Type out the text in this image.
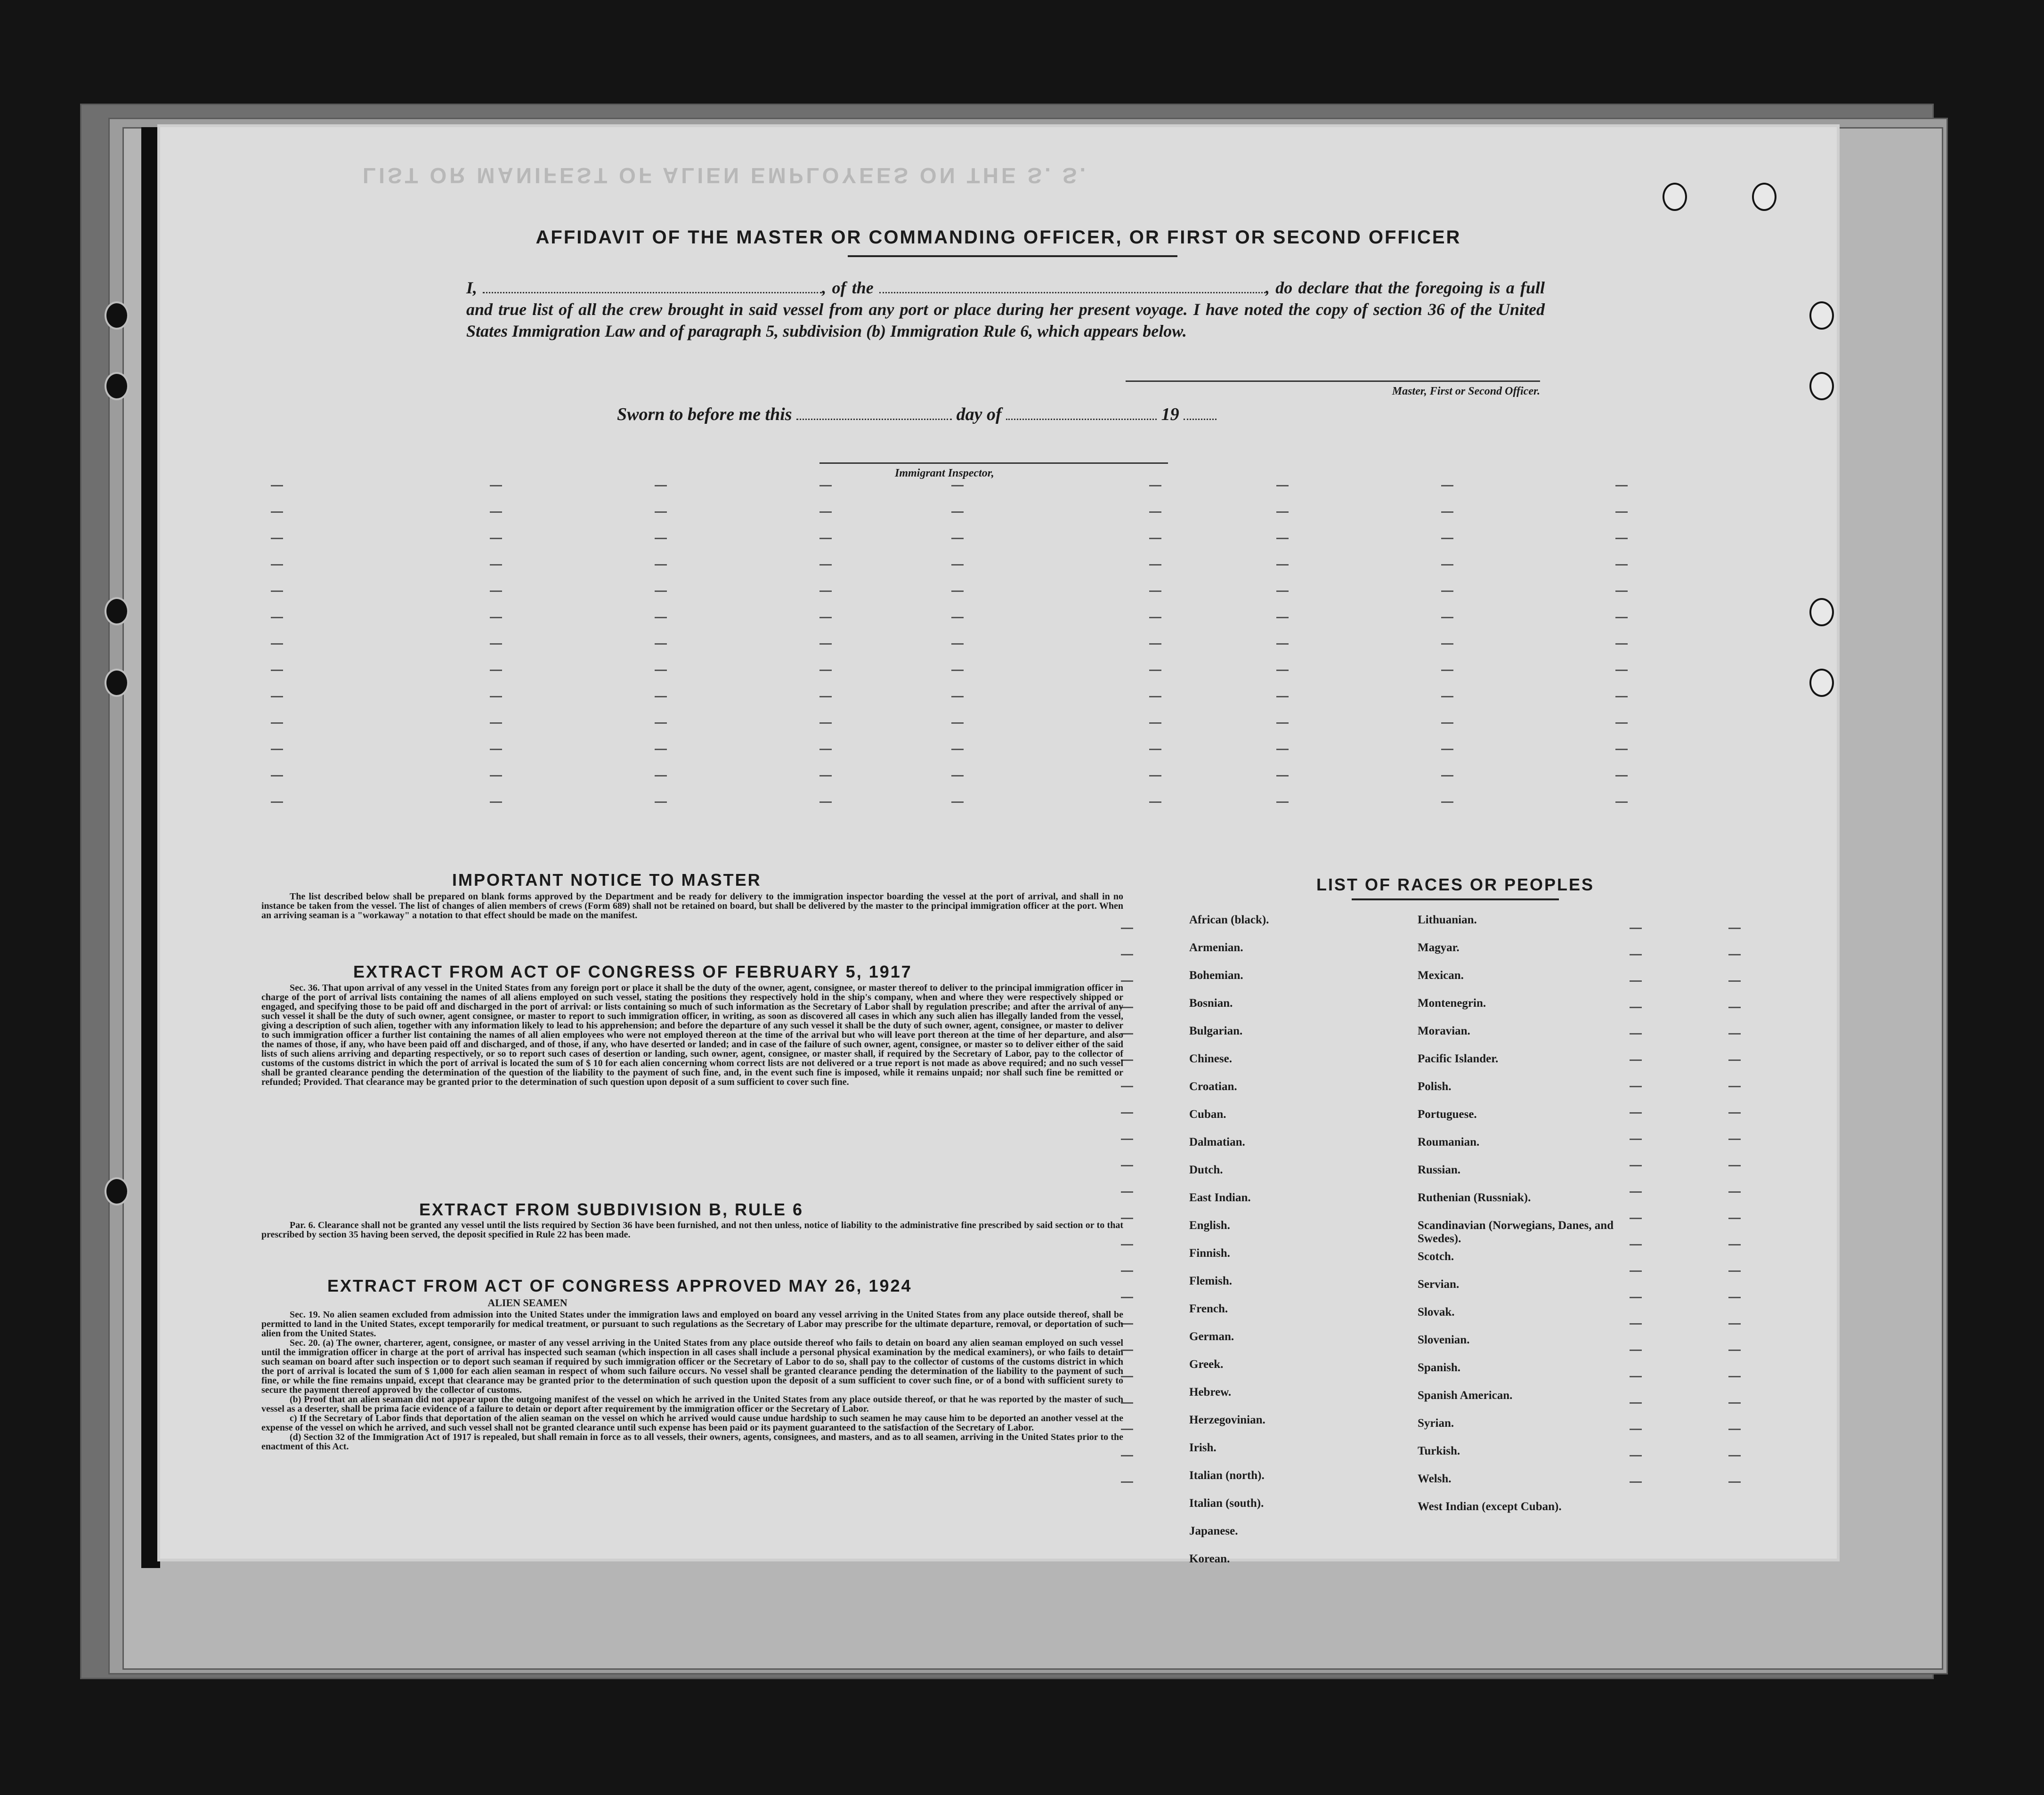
LIST OR MANIFEST OF ALIEN EMPLOYEES ON THE S. S.
AFFIDAVIT OF THE MASTER OR COMMANDING OFFICER, OR FIRST OR SECOND OFFICER
I,	, of the	, do declare that the foregoing is a full and true list of all the crew brought in said vessel from any port or place during her present voyage. I have noted the copy of section 36 of the United States Immigration Law and of paragraph 5, subdivision (b) Immigration Rule 6, which appears below.
Master, First or Second Officer.
Sworn to before me this	day of	19
Immigrant Inspector,
IMPORTANT NOTICE TO MASTER
The list described below shall be prepared on blank forms approved by the Department and be ready for delivery to the immigration inspector boarding the vessel at the port of arrival, and shall in no instance be taken from the vessel. The list of changes of alien members of crews (Form 689) shall not be retained on board, but shall be delivered by the master to the principal immigration officer at the port. When an arriving seaman is a "workaway" a notation to that effect should be made on the manifest.
EXTRACT FROM ACT OF CONGRESS OF FEBRUARY 5, 1917
Sec. 36. That upon arrival of any vessel in the United States from any foreign port or place it shall be the duty of the owner, agent, consignee, or master thereof to deliver to the principal immigration officer in charge of the port of arrival lists containing the names of all aliens employed on such vessel, stating the positions they respectively hold in the ship's company, when and where they were respectively shipped or engaged, and specifying those to be paid off and discharged in the port of arrival: or lists containing so much of such information as the Secretary of Labor shall by regulation prescribe; and after the arrival of any such vessel it shall be the duty of such owner, agent consignee, or master to report to such immigration officer, in writing, as soon as discovered all cases in which any such alien has illegally landed from the vessel, giving a description of such alien, together with any information likely to lead to his apprehension; and before the departure of any such vessel it shall be the duty of such owner, agent, consignee, or master to deliver to such immigration officer a further list containing the names of all alien employees who were not employed thereon at the time of the arrival but who will leave port thereon at the time of her departure, and also the names of those, if any, who have been paid off and discharged, and of those, if any, who have deserted or landed; and in case of the failure of such owner, agent, consignee, or master so to deliver either of the said lists of such aliens arriving and departing respectively, or so to report such cases of desertion or landing, such owner, agent, consignee, or master shall, if required by the Secretary of Labor, pay to the collector of customs of the customs district in which the port of arrival is located the sum of $ 10 for each alien concerning whom correct lists are not delivered or a true report is not made as above required; and no such vessel shall be granted clearance pending the determination of the question of the liability to the payment of such fine, and, in the event such fine is imposed, while it remains unpaid; nor shall such fine be remitted or refunded; Provided. That clearance may be granted prior to the determination of such question upon deposit of a sum sufficient to cover such fine.
EXTRACT FROM SUBDIVISION B, RULE 6
Par. 6. Clearance shall not be granted any vessel until the lists required by Section 36 have been furnished, and not then unless, notice of liability to the administrative fine prescribed by said section or to that prescribed by section 35 having been served, the deposit specified in Rule 22 has been made.
EXTRACT FROM ACT OF CONGRESS APPROVED MAY 26, 1924
ALIEN SEAMEN
Sec. 19. No alien seamen excluded from admission into the United States under the immigration laws and employed on board any vessel arriving in the United States from any place outside thereof, shall be permitted to land in the United States, except temporarily for medical treatment, or pursuant to such regulations as the Secretary of Labor may prescribe for the ultimate departure, removal, or deportation of such alien from the United States.
Sec. 20. (a) The owner, charterer, agent, consignee, or master of any vessel arriving in the United States from any place outside thereof who fails to detain on board any alien seaman employed on such vessel until the immigration officer in charge at the port of arrival has inspected such seaman (which inspection in all cases shall include a personal physical examination by the medical examiners), or who fails to detain such seaman on board after such inspection or to deport such seaman if required by such immigration officer or the Secretary of Labor to do so, shall pay to the collector of customs of the customs district in which the port of arrival is located the sum of $ 1,000 for each alien seaman in respect of whom such failure occurs. No vessel shall be granted clearance pending the determination of the liability to the payment of such fine, or while the fine remains unpaid, except that clearance may be granted prior to the determination of such question upon the deposit of a sum sufficient to cover such fine, or of a bond with sufficient surety to secure the payment thereof approved by the collector of customs.
(b) Proof that an alien seaman did not appear upon the outgoing manifest of the vessel on which he arrived in the United States from any place outside thereof, or that he was reported by the master of such vessel as a deserter, shall be prima facie evidence of a failure to detain or deport after requirement by the immigration officer or the Secretary of Labor.
c) If the Secretary of Labor finds that deportation of the alien seaman on the vessel on which he arrived would cause undue hardship to such seamen he may cause him to be deported an another vessel at the expense of the vessel on which he arrived, and such vessel shall not be granted clearance until such expense has been paid or its payment guaranteed to the satisfaction of the Secretary of Labor.
(d) Section 32 of the Immigration Act of 1917 is repealed, but shall remain in force as to all vessels, their owners, agents, consignees, and masters, and as to all seamen, arriving in the United States prior to the enactment of this Act.
LIST OF RACES OR PEOPLES
African (black).
Armenian.
Bohemian.
Bosnian.
Bulgarian.
Chinese.
Croatian.
Cuban.
Dalmatian.
Dutch.
East Indian.
English.
Finnish.
Flemish.
French.
German.
Greek.
Hebrew.
Herzegovinian.
Irish.
Italian (north).
Italian (south).
Japanese.
Korean.
Lithuanian.
Magyar.
Mexican.
Montenegrin.
Moravian.
Pacific Islander.
Polish.
Portuguese.
Roumanian.
Russian.
Ruthenian (Russniak).
Scandinavian (Norwegians, Danes, and Swedes).
Scotch.
Servian.
Slovak.
Slovenian.
Spanish.
Spanish American.
Syrian.
Turkish.
Welsh.
West Indian (except Cuban).
